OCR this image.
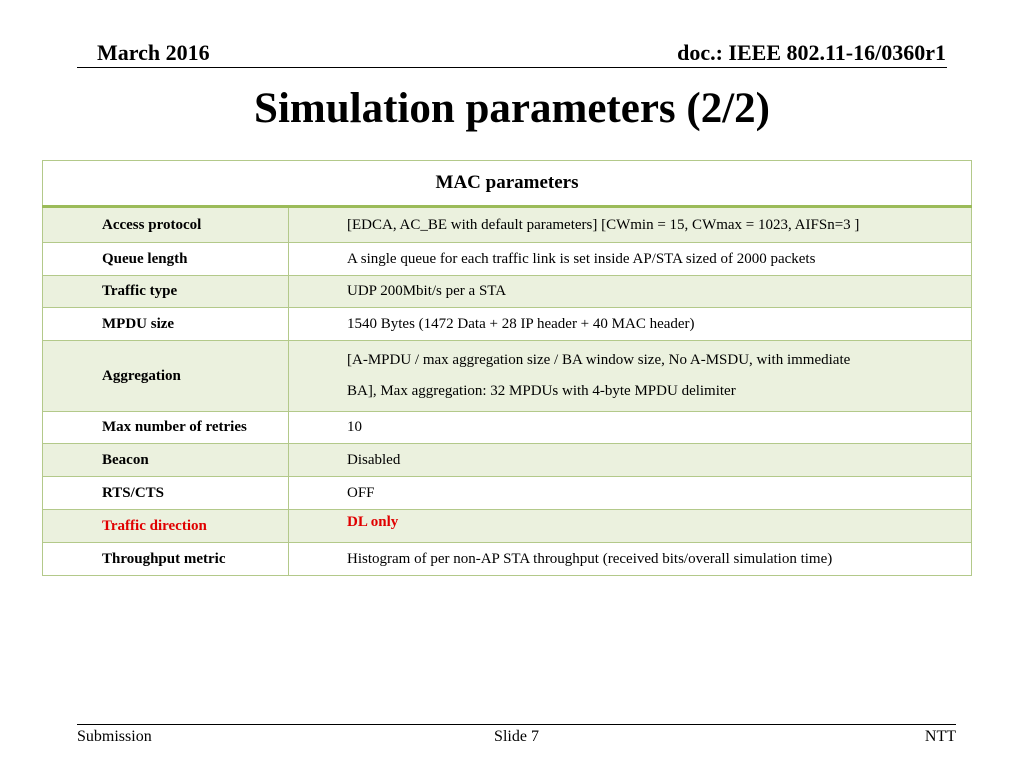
March 2016	doc.: IEEE 802.11-16/0360r1
Simulation parameters (2/2)
MAC parameters	
Access protocol	[EDCA, AC_BE with default parameters] [CWmin = 15, CWmax = 1023, AIFSn=3 ]
Queue length	A single queue for each traffic link is set inside AP/STA sized of 2000 packets
Traffic type	UDP 200Mbit/s per a STA
MPDU size	1540 Bytes (1472 Data + 28 IP header + 40 MAC header)
Aggregation	[A-MPDU / max aggregation size / BA window size, No A-MSDU, with immediate
BA], Max aggregation: 32 MPDUs with 4-byte MPDU delimiter

Max number of retries	10
Beacon	Disabled
RTS/CTS	OFF
Traffic direction	DL only
Throughput metric	Histogram of per non-AP STA throughput (received bits/overall simulation time)
Submission	Slide 7	NTT
